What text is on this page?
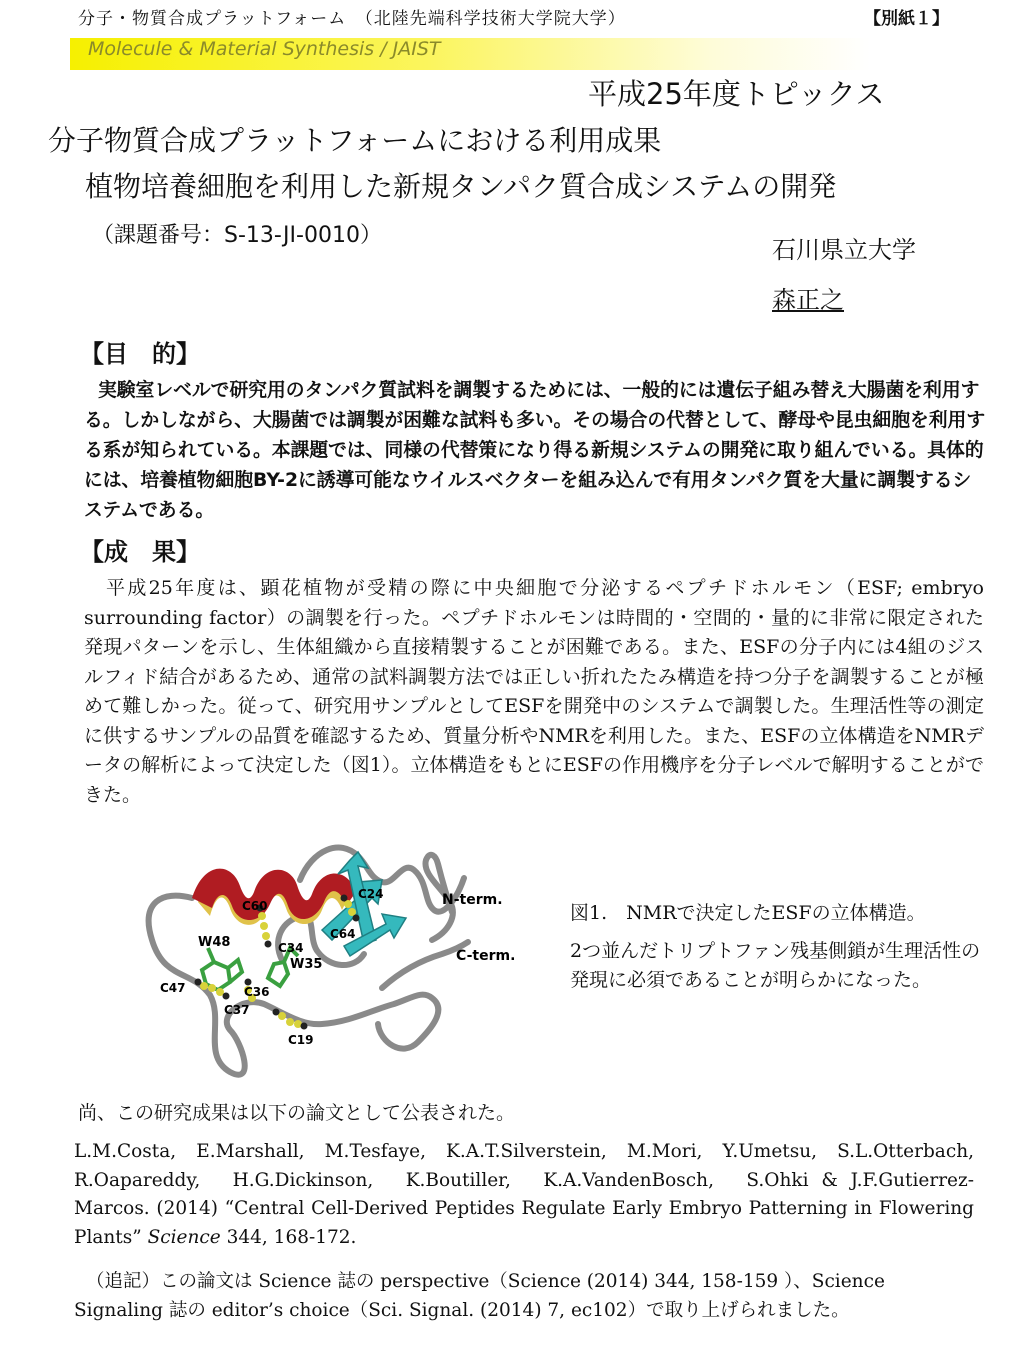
分子・物質合成プラットフォーム　（北陸先端科学技術大学院大学）	【別紙１】
Molecule & Material Synthesis / JAIST
平成25年度トピックス
分子物質合成プラットフォームにおける利用成果
植物培養細胞を利用した新規タンパク質合成システムの開発
（課題番号：S-13-JI-0010）
石川県立大学
森正之
【目　的】

実験室レベルで研究用のタンパク質試料を調製するためには、一般的には遺伝子組み替え大腸菌を利用する。しかしながら、大腸菌では調製が困難な試料も多い。その場合の代替として、酵母や昆虫細胞を利用する系が知られている。本課題では、同様の代替策になり得る新規システムの開発に取り組んでいる。具体的には、培養植物細胞BY-2に誘導可能なウイルスベクターを組み込んで有用タンパク質を大量に調製するシステムである。

【成　果】

平成25年度は、顕花植物が受精の際に中央細胞で分泌するペプチドホルモン（ESF; embryo surrounding factor）の調製を行った。ペプチドホルモンは時間的・空間的・量的に非常に限定された発現パターンを示し、生体組織から直接精製することが困難である。また、ESFの分子内には4組のジスルフィド結合があるため、通常の試料調製方法では正しい折れたたみ構造を持つ分子を調製することが極めて難しかった。従って、研究用サンプルとしてESFを開発中のシステムで調製した。生理活性等の測定に供するサンプルの品質を確認するため、質量分析やNMRを利用した。また、ESFの立体構造をNMRデータの解析によって決定した（図1）。立体構造をもとにESFの作用機序を分子レベルで解明することができた。

N-term.
C-term.
C24
C60
C64
C34
W48
W35
C47	C36
C37
C19
図1.　NMRで決定したESFの立体構造。

2つ並んだトリプトファン残基側鎖が生理活性の発現に必須であることが明らかになった。

尚、この研究成果は以下の論文として公表された。

L.M.Costa,　E.Marshall,　M.Tesfaye,　K.A.T.Silverstein,　M.Mori,　Y.Umetsu,　S.L.Otterbach,　R.Oapareddy,　H.G.Dickinson,　K.Boutiller,　K.A.VandenBosch,　S.Ohki & J.F.Gutierrez-Marcos. (2014) “Central Cell-Derived Peptides Regulate Early Embryo Patterning in Flowering Plants” Science 344, 168-172.

（追記）この論文は Science 誌の perspective（Science (2014) 344, 158-159 ）、Science Signaling 誌の editor’s choice（Sci. Signal. (2014) 7, ec102）で取り上げられました。
